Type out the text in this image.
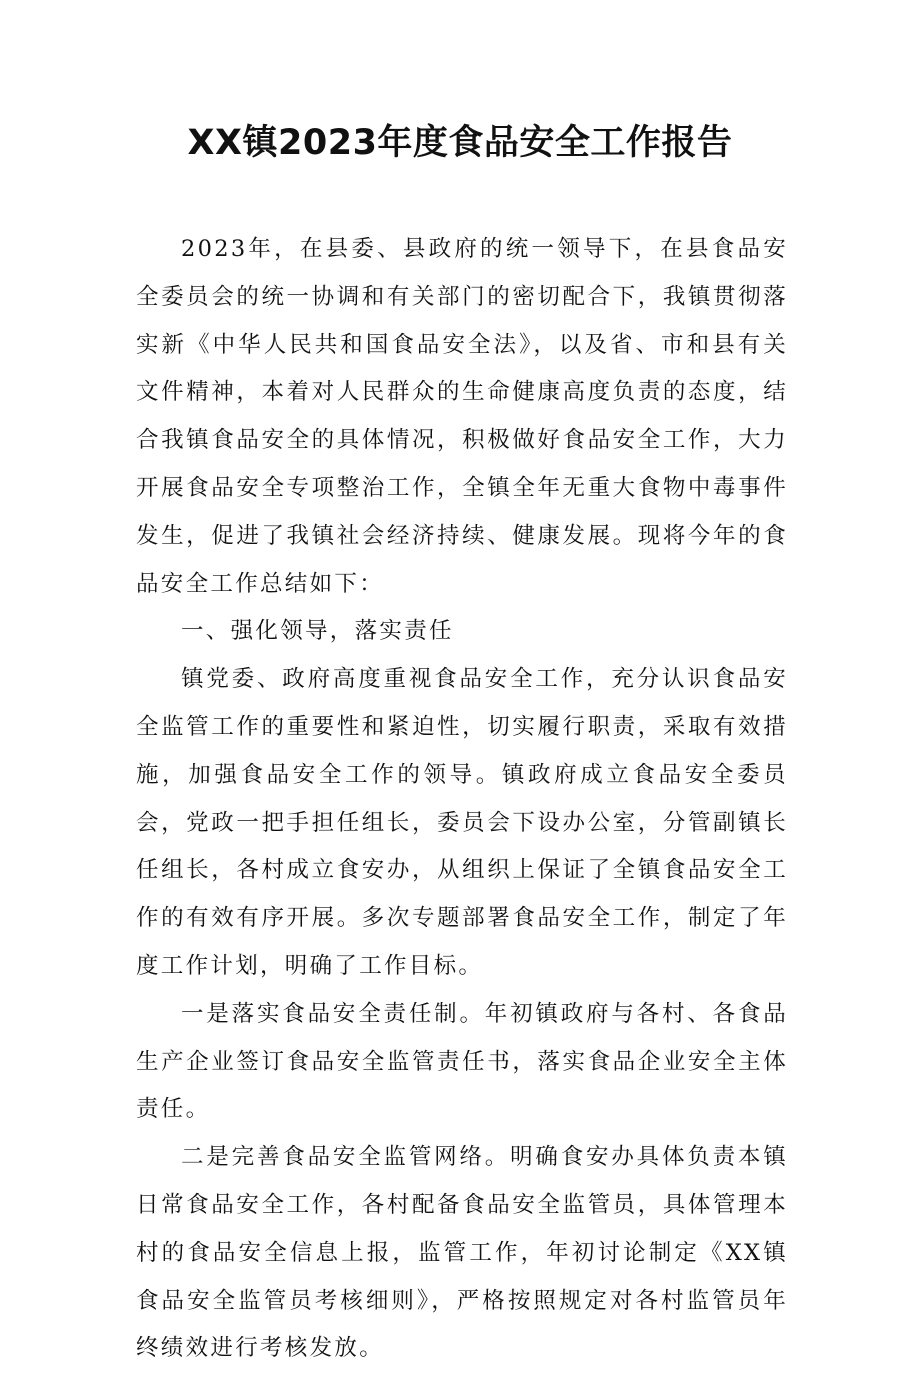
XX镇2023年度食品安全工作报告

2023年，在县委、县政府的统一领导下，在县食品安全委员会的统一协调和有关部门的密切配合下，我镇贯彻落实新《中华人民共和国食品安全法》，以及省、市和县有关文件精神，本着对人民群众的生命健康高度负责的态度，结合我镇食品安全的具体情况，积极做好食品安全工作，大力开展食品安全专项整治工作，全镇全年无重大食物中毒事件发生，促进了我镇社会经济持续、健康发展。现将今年的食品安全工作总结如下：

一、强化领导，落实责任

镇党委、政府高度重视食品安全工作，充分认识食品安全监管工作的重要性和紧迫性，切实履行职责，采取有效措施，加强食品安全工作的领导。镇政府成立食品安全委员会，党政一把手担任组长，委员会下设办公室，分管副镇长任组长，各村成立食安办，从组织上保证了全镇食品安全工作的有效有序开展。多次专题部署食品安全工作，制定了年度工作计划，明确了工作目标。

一是落实食品安全责任制。年初镇政府与各村、各食品生产企业签订食品安全监管责任书，落实食品企业安全主体责任。

二是完善食品安全监管网络。明确食安办具体负责本镇日常食品安全工作，各村配备食品安全监管员，具体管理本村的食品安全信息上报，监管工作，年初讨论制定《XX镇食品安全监管员考核细则》，严格按照规定对各村监管员年终绩效进行考核发放。
